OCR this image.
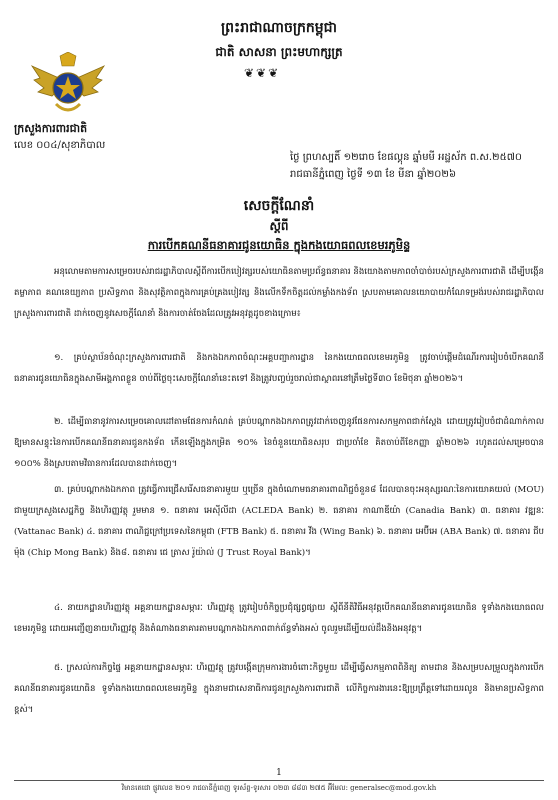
ព្រះរាជាណាចក្រកម្ពុជា
ជាតិ សាសនា ព្រះមហាក្សត្រ
❦❦❦
ក្រសួងការពារជាតិ
លេខ ០០៤/សុខាភិបាល
ថ្ងៃ ព្រហស្បតិ៍ ១២រោច ខែផល្គុន ឆ្នាំមមី អដ្ឋស័ក ព.ស.២៥៧០
រាជធានីភ្នំពេញ ថ្ងៃទី ១៣ ខែ មីនា ឆ្នាំ២០២៦
សេចក្ដីណែនាំ
ស្ដីពី
ការបើកគណនីធនាគារជូនយោធិន ក្នុងកងយោធពលខេមរភូមិន្ទ

អនុលោមតាមការសម្រេចរបស់រាជរដ្ឋាភិបាលស្ដីពីការបើកបៀវត្សរបស់យោធិនតាមប្រព័ន្ធធនាគារ និងយោងតាមភាពចាំបាច់របស់ក្រសួងការពារជាតិ ដើម្បីបង្កើនតម្លាភាព គណនេយ្យភាព ប្រសិទ្ធភាព និងសុវត្ថិភាពក្នុងការគ្រប់គ្រងបៀវត្ស និងលើកទឹកចិត្តដល់កម្លាំងកងទ័ព ស្របតាមគោលនយោបាយកំណែទម្រង់របស់រាជរដ្ឋាភិបាល ក្រសួងការពារជាតិ ដាក់ចេញនូវសេចក្ដីណែនាំ និងការចាត់ចែងដែលត្រូវអនុវត្តដូចខាងក្រោម៖

១. គ្រប់ស្ថាប័នចំណុះក្រសួងការពារជាតិ និងកងឯកភាពចំណុះអគ្គបញ្ជាការដ្ឋាន នៃកងយោធពលខេមរភូមិន្ទ ត្រូវចាប់ផ្ដើមដំណើរការរៀបចំបើកគណនីធនាគារជូនយោធិនក្នុងសាមីអង្គភាពខ្លួន ចាប់ពីថ្ងៃចុះសេចក្ដីណែនាំនេះតទៅ និងត្រូវបញ្ចប់រួចរាល់ជាស្ថាពរនៅត្រឹមថ្ងៃទី៣០ ខែមិថុនា ឆ្នាំ២០២៦។

២. ដើម្បីធានានូវការសម្រេចគោលដៅតាមផែនការកំណត់ គ្រប់បណ្ដាកងឯកភាពត្រូវដាក់ចេញនូវផែនការសកម្មភាពជាក់ស្ដែង ដោយត្រូវរៀបចំជាដំណាក់កាល ឱ្យមានសន្ទុះនៃការបើកគណនីធនាគារជូនកងទ័ព កើនឡើងក្នុងកម្រិត ១០% នៃចំនួនយោធិនសរុប ជាប្រចាំខែ គិតចាប់ពីខែកញ្ញា ឆ្នាំ២០២៦ រហូតដល់សម្រេចបាន ១០០% និងស្របតាមវិធានការដែលបានដាក់ចេញ។

៣. គ្រប់បណ្ដាកងឯកភាព ត្រូវធ្វើការជ្រើសរើសធនាគារមួយ ឬច្រើន ក្នុងចំណោមធនាគារពាណិជ្ជចំនួន៨ ដែលបានចុះអនុស្សរណៈនៃការយោគយល់ (MOU) ជាមួយក្រសួងសេដ្ឋកិច្ច និងហិរញ្ញវត្ថុ រួមមាន ១. ធនាគារ អេស៊ីលីដា (ACLEDA Bank) ២. ធនាគារ កាណាឌីយ៉ា (Canadia Bank) ៣. ធនាគារ វឌ្ឍនៈ (Vattanac Bank) ៤. ធនាគារ ពាណិជ្ជក្រៅប្រទេសនៃកម្ពុជា (FTB Bank) ៥. ធនាគារ វីង (Wing Bank) ៦. ធនាគារ អេប៊ីអេ (ABA Bank) ៧. ធនាគារ ជីប ម៉ុង (Chip Mong Bank) និង៨. ធនាគារ ជេ ត្រាស រ៉ូយ៉ាល់ (J Trust Royal Bank)។

៤. នាយកដ្ឋានហិរញ្ញវត្ថុ អគ្គនាយកដ្ឋានសម្ភារៈ ហិរញ្ញវត្ថុ ត្រូវរៀបចំកិច្ចប្រជុំផ្សព្វផ្សាយ ស្ដីពីនីតិវិធីអនុវត្តបើកគណនីធនាគារជូនយោធិន ទូទាំងកងយោធពលខេមរភូមិន្ទ ដោយអញ្ជើញនាយហិរញ្ញវត្ថុ និងតំណាងធនាគារតាមបណ្ដាកងឯកភាពពាក់ព័ន្ធទាំងអស់ ចូលរួមដើម្បីយល់ដឹងនិងអនុវត្ត។

៥. ក្រសល់ការកិច្ចផ្ទៃ អគ្គនាយកដ្ឋានសម្ភារៈ ហិរញ្ញវត្ថុ ត្រូវបង្កើតក្រុមការងារចំពោះកិច្ចមួយ ដើម្បីធ្វើសកម្មភាពពិនិត្យ តាមដាន និងសម្របសម្រួលក្នុងការបើកគណនីធនាគារជូនយោធិន ទូទាំងកងយោធពលខេមរភូមិន្ទ ក្នុងនាមជាសេនាធិការជូនក្រសួងការពារជាតិ លើកិច្ចការងារនេះឱ្យប្រព្រឹត្តទៅដោយរលូន និងមានប្រសិទ្ធភាពខ្ពស់។

1
វិមានតេជោ ផ្លូវលេខ ២០១ រាជធានីភ្នំពេញ ទូរស័ព្ទ-ទូរសារ ០២៣ ៨៨៣ ២៧៥ អ៊ីមែល: generalsec@mod.gov.kh
